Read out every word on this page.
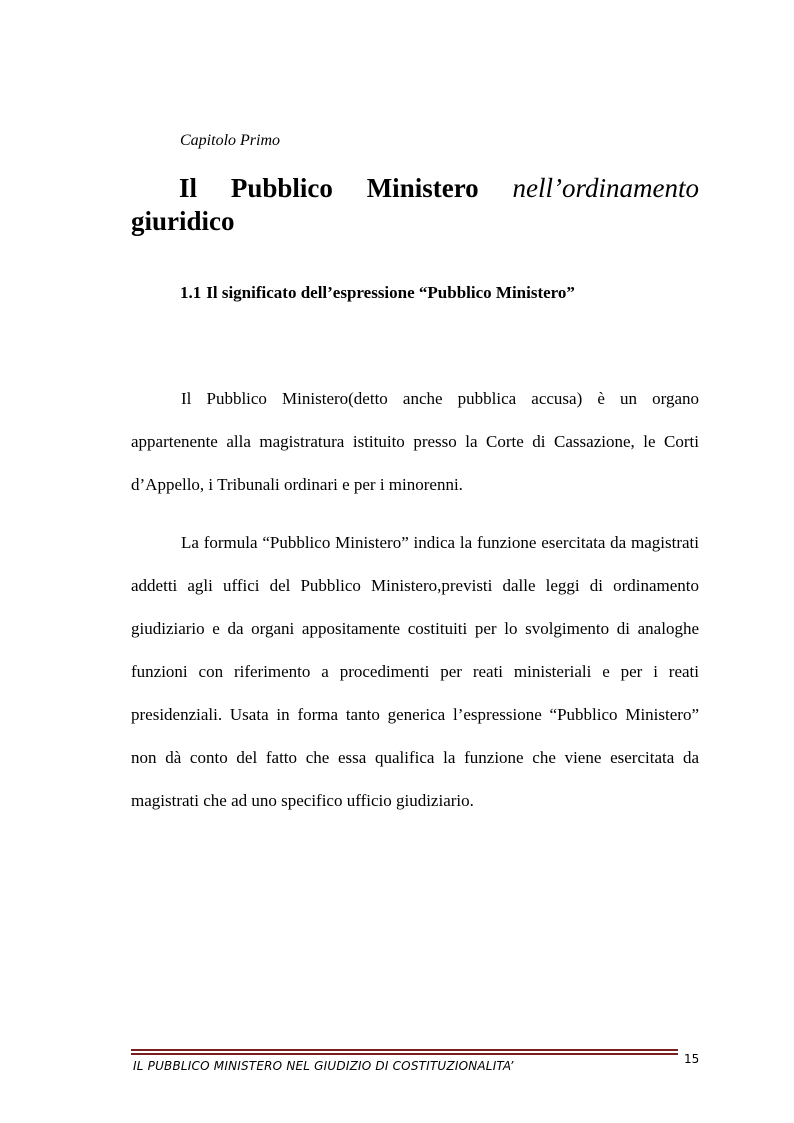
Capitolo Primo
Il Pubblico Ministero nell’ordinamento
giuridico
1.1 Il significato dell’espressione “Pubblico Ministero”

Il Pubblico Ministero(detto anche pubblica accusa) è un organo appartenente alla magistratura istituito presso la Corte di Cassazione, le Corti d’Appello, i Tribunali ordinari e per i minorenni.

La formula “Pubblico Ministero” indica la funzione esercitata da magistrati addetti agli uffici del Pubblico Ministero,previsti dalle leggi di ordinamento giudiziario e da organi appositamente costituiti per lo svolgimento di analoghe funzioni con riferimento a procedimenti per reati ministeriali e per i reati presidenziali. Usata in forma tanto generica l’espressione “Pubblico Ministero” non dà conto del fatto che essa qualifica la funzione che viene esercitata da magistrati che ad uno specifico ufficio giudiziario.

IL PUBBLICO MINISTERO NEL GIUDIZIO DI COSTITUZIONALITA’	15
